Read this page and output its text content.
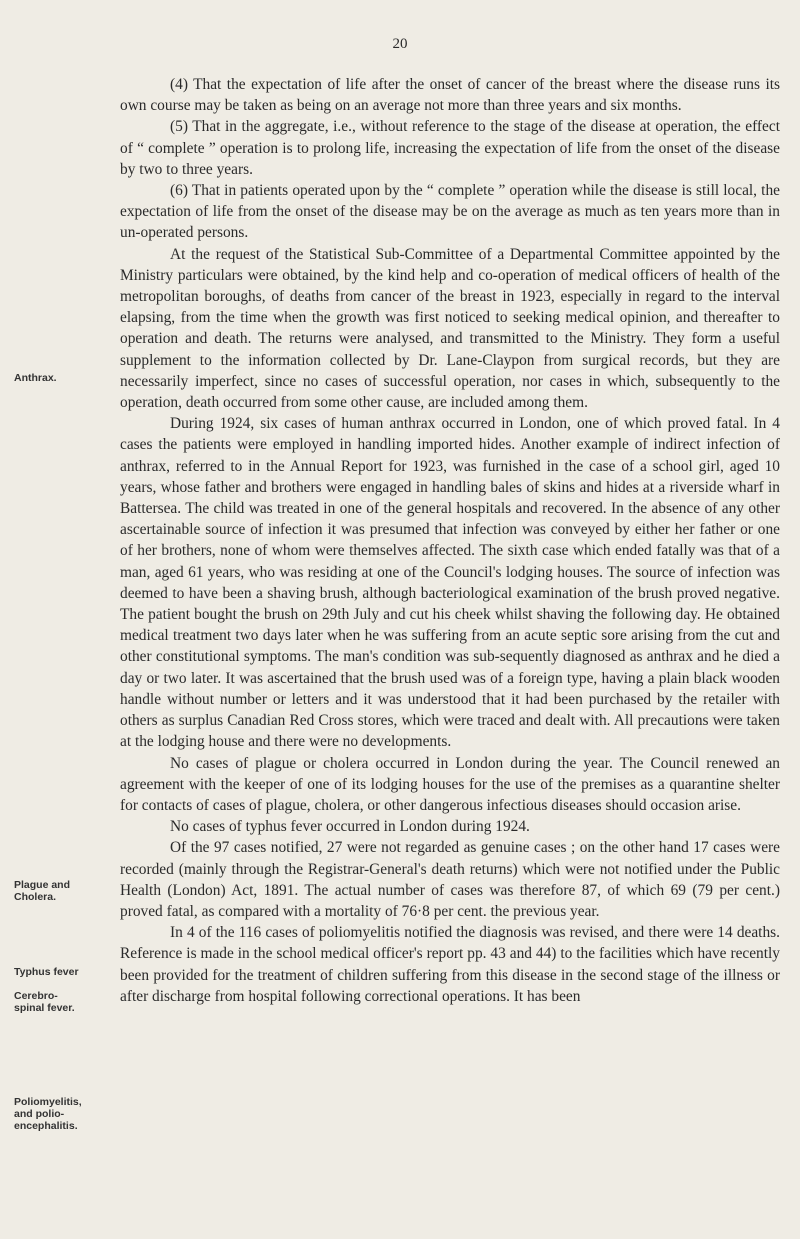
20

(4) That the expectation of life after the onset of cancer of the breast where the disease runs its own course may be taken as being on an average not more than three years and six months.

(5) That in the aggregate, i.e., without reference to the stage of the disease at operation, the effect of “ complete ” operation is to prolong life, increasing the expectation of life from the onset of the disease by two to three years.

(6) That in patients operated upon by the “ complete ” operation while the disease is still local, the expectation of life from the onset of the disease may be on the average as much as ten years more than in un-operated persons.

At the request of the Statistical Sub-Committee of a Departmental Committee appointed by the Ministry particulars were obtained, by the kind help and co-operation of medical officers of health of the metropolitan boroughs, of deaths from cancer of the breast in 1923, especially in regard to the interval elapsing, from the time when the growth was first noticed to seeking medical opinion, and thereafter to operation and death. The returns were analysed, and transmitted to the Ministry. They form a useful supplement to the information collected by Dr. Lane-Claypon from surgical records, but they are necessarily imperfect, since no cases of successful operation, nor cases in which, subsequently to the operation, death occurred from some other cause, are included among them.

During 1924, six cases of human anthrax occurred in London, one of which proved fatal. In 4 cases the patients were employed in handling imported hides. Another example of indirect infection of anthrax, referred to in the Annual Report for 1923, was furnished in the case of a school girl, aged 10 years, whose father and brothers were engaged in handling bales of skins and hides at a riverside wharf in Battersea. The child was treated in one of the general hospitals and recovered. In the absence of any other ascertainable source of infection it was presumed that infection was conveyed by either her father or one of her brothers, none of whom were themselves affected. The sixth case which ended fatally was that of a man, aged 61 years, who was residing at one of the Council's lodging houses. The source of infection was deemed to have been a shaving brush, although bacteriological examination of the brush proved negative. The patient bought the brush on 29th July and cut his cheek whilst shaving the following day. He obtained medical treatment two days later when he was suffering from an acute septic sore arising from the cut and other constitutional symptoms. The man's condition was sub-sequently diagnosed as anthrax and he died a day or two later. It was ascertained that the brush used was of a foreign type, having a plain black wooden handle without number or letters and it was understood that it had been purchased by the retailer with others as surplus Canadian Red Cross stores, which were traced and dealt with. All precautions were taken at the lodging house and there were no developments.

No cases of plague or cholera occurred in London during the year. The Council renewed an agreement with the keeper of one of its lodging houses for the use of the premises as a quarantine shelter for contacts of cases of plague, cholera, or other dangerous infectious diseases should occasion arise.

No cases of typhus fever occurred in London during 1924.

Of the 97 cases notified, 27 were not regarded as genuine cases ; on the other hand 17 cases were recorded (mainly through the Registrar-General's death returns) which were not notified under the Public Health (London) Act, 1891. The actual number of cases was therefore 87, of which 69 (79 per cent.) proved fatal, as compared with a mortality of 76·8 per cent. the previous year.

In 4 of the 116 cases of poliomyelitis notified the diagnosis was revised, and there were 14 deaths. Reference is made in the school medical officer's report pp. 43 and 44) to the facilities which have recently been provided for the treatment of children suffering from this disease in the second stage of the illness or after discharge from hospital following correctional operations. It has been

Anthrax.
Plague and
Cholera.
Typhus fever
Cerebro-
spinal fever.
Poliomyelitis,
and polio-
encephalitis.
